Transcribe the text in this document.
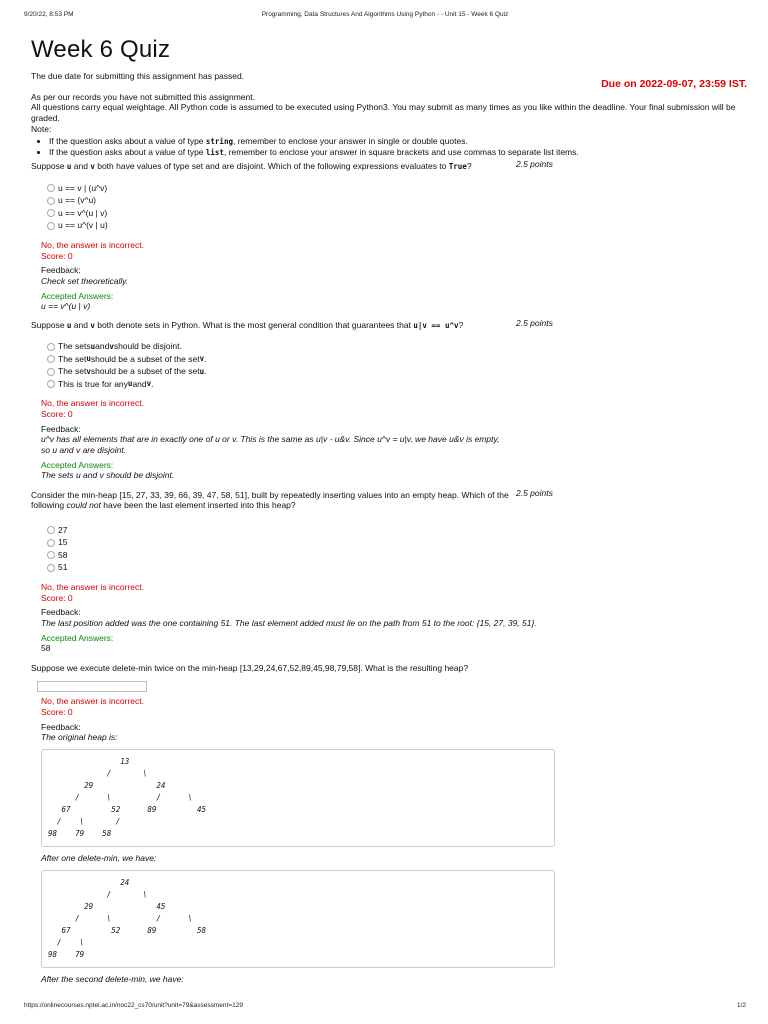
9/20/22, 8:53 PM	Programming, Data Structures And Algorithms Using Python - - Unit 15 - Week 6 Quiz
Week 6 Quiz

The due date for submitting this assignment has passed.

Due on 2022-09-07, 23:59 IST.

As per our records you have not submitted this assignment.

All questions carry equal weightage. All Python code is assumed to be executed using Python3. You may submit as many times as you like within the deadline. Your final submission will be graded.

Note:

• If the question asks about a value of type string, remember to enclose your answer in single or double quotes.
• If the question asks about a value of type list, remember to enclose your answer in square brackets and use commas to separate list items.

Suppose u and v both have values of type set and are disjoint. Which of the following expressions evaluates to True?	2.5 points
u == v | (u^v)
u == (v^u)
u == v^(u | v)
u == u^(v | u)
No, the answer is incorrect.
Score: 0
Feedback:
Check set theoretically.
Accepted Answers:
u == v^(u | v)

Suppose u and v both denote sets in Python. What is the most general condition that guarantees that u|v == u^v?	2.5 points
The sets u and v should be disjoint.
The set u should be a subset of the set v .
The set v should be a subset of the set u .
This is true for any u and v .
No, the answer is incorrect.
Score: 0
Feedback:
u^v has all elements that are in exactly one of u or v. This is the same as u|v - u&v. Since u^v = u|v, we have u&v is empty,
so u and v are disjoint.
Accepted Answers:
The sets u and v should be disjoint.

Consider the min-heap [15, 27, 33, 39, 66, 39, 47, 58, 51], built by repeatedly inserting values into an empty heap. Which of the following could not have been the last element inserted into this heap?

2.5 points
27
15
58
51
No, the answer is incorrect.
Score: 0
Feedback:
The last position added was the one containing 51. The last element added must lie on the path from 51 to the root: {15, 27, 39, 51}.
Accepted Answers:
58

Suppose we execute delete-min twice on the min-heap [13,29,24,67,52,89,45,98,79,58]. What is the resulting heap?

No, the answer is incorrect.
Score: 0
Feedback:
The original heap is:
13
/       \
29              24
/      \          /      \
67         52      89         45
/    \       /
98    79    58
After one delete-min, we have:
24
/       \
29              45
/      \          /      \
67         52      89         58
/    \
98    79
After the second delete-min, we have:
https://onlinecourses.nptel.ac.in/noc22_cs70/unit?unit=79&assessment=129	1/2
